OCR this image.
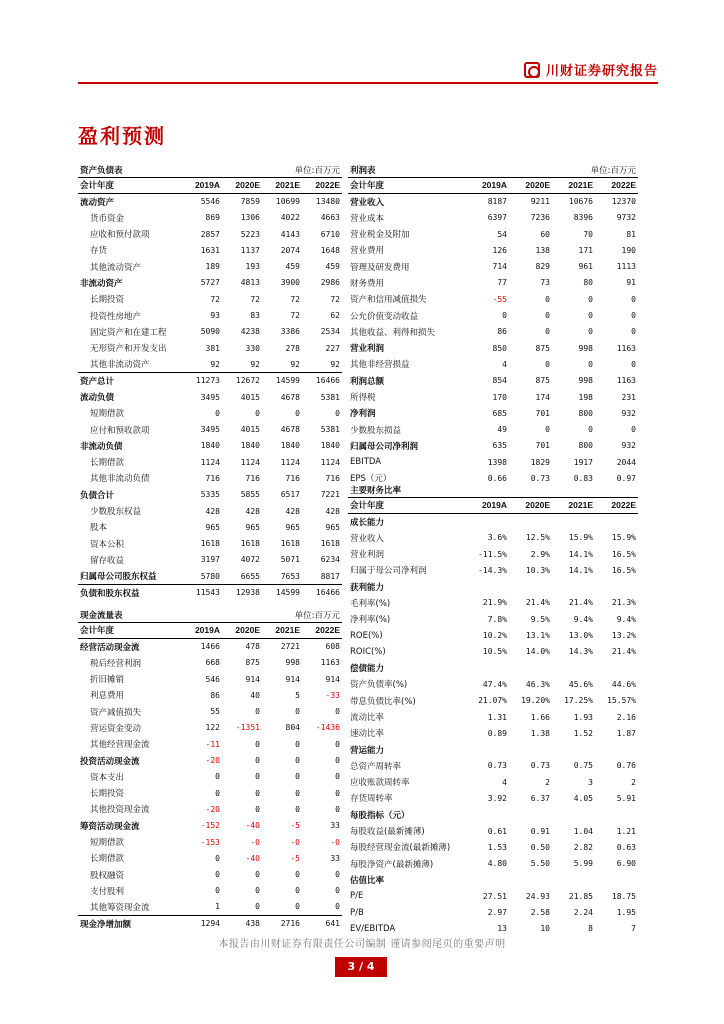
川财证券研究报告
盈利预测
资产负债表			单位:百万元	
会计年度	2019A	2020E	2021E	2022E
流动资产	5546	7859	10699	13480
货币资金	869	1306	4022	4663
应收和预付款项	2857	5223	4143	6710
存货	1631	1137	2074	1648
其他流动资产	189	193	459	459
非流动资产	5727	4813	3900	2986
长期投资	72	72	72	72
投资性房地产	93	83	72	62
固定资产和在建工程	5090	4238	3386	2534
无形资产和开发支出	381	330	278	227
其他非流动资产	92	92	92	92
资产总计	11273	12672	14599	16466
流动负债	3495	4015	4678	5381
短期借款	0	0	0	0
应付和预收款项	3495	4015	4678	5381
非流动负债	1840	1840	1840	1840
长期借款	1124	1124	1124	1124
其他非流动负债	716	716	716	716
负债合计	5335	5855	6517	7221
少数股东权益	428	428	428	428
股本	965	965	965	965
资本公积	1618	1618	1618	1618
留存收益	3197	4072	5071	6234
归属母公司股东权益	5780	6655	7653	8817
负债和股东权益	11543	12938	14599	16466
现金流量表			单位:百万元	
会计年度	2019A	2020E	2021E	2022E
经营活动现金流	1466	478	2721	608
税后经营利润	668	875	998	1163
折旧摊销	546	914	914	914
利息费用	86	40	5	-33
资产减值损失	55	0	0	0
营运资金变动	122	-1351	804	-1436
其他经营现金流	-11	0	0	0
投资活动现金流	-20	0	0	0
资本支出	0	0	0	0
长期投资	0	0	0	0
其他投资现金流	-20	0	0	0
筹资活动现金流	-152	-40	-5	33
短期借款	-153	-0	-0	-0
长期借款	0	-40	-5	33
股权融资	0	0	0	0
支付股利	0	0	0	0
其他筹资现金流	1	0	0	0
现金净增加额	1294	438	2716	641
利润表			单位:百万元	
会计年度	2019A	2020E	2021E	2022E
营业收入	8187	9211	10676	12370
营业成本	6397	7236	8396	9732
营业税金及附加	54	60	70	81
营业费用	126	138	171	190
管理及研发费用	714	829	961	1113
财务费用	77	73	80	91
资产和信用减值损失	-55	0	0	0
公允价值变动收益	0	0	0	0
其他收益、利得和损失	86	0	0	0
营业利润	850	875	998	1163
其他非经营损益	4	0	0	0
利润总额	854	875	998	1163
所得税	170	174	198	231
净利润	685	701	800	932
少数股东损益	49	0	0	0
归属母公司净利润	635	701	800	932
EBITDA	1398	1829	1917	2044
EPS（元）	0.66	0.73	0.83	0.97
主要财务比率				
会计年度	2019A	2020E	2021E	2022E
成长能力				
营业收入	3.6%	12.5%	15.9%	15.9%
营业利润	-11.5%	2.9%	14.1%	16.5%
归属于母公司净利润	-14.3%	10.3%	14.1%	16.5%
获利能力				
毛利率(%)	21.9%	21.4%	21.4%	21.3%
净利率(%)	7.8%	9.5%	9.4%	9.4%
ROE(%)	10.2%	13.1%	13.0%	13.2%
ROIC(%)	10.5%	14.0%	14.3%	21.4%
偿债能力				
资产负债率(%)	47.4%	46.3%	45.6%	44.6%
带息负债比率(%)	21.07%	19.20%	17.25%	15.57%
流动比率	1.31	1.66	1.93	2.16
速动比率	0.89	1.38	1.52	1.87
营运能力				
总资产周转率	0.73	0.73	0.75	0.76
应收账款周转率	4	2	3	2
存货周转率	3.92	6.37	4.05	5.91
每股指标（元）				
每股收益(最新摊薄)	0.61	0.91	1.04	1.21
每股经营现金流(最新摊薄)	1.53	0.50	2.82	0.63
每股净资产(最新摊薄)	4.80	5.50	5.99	6.90
估值比率				
P/E	27.51	24.93	21.85	18.75
P/B	2.97	2.58	2.24	1.95
EV/EBITDA	13	10	8	7
本报告由川财证券有限责任公司编制 谨请参阅尾页的重要声明
3 / 4
